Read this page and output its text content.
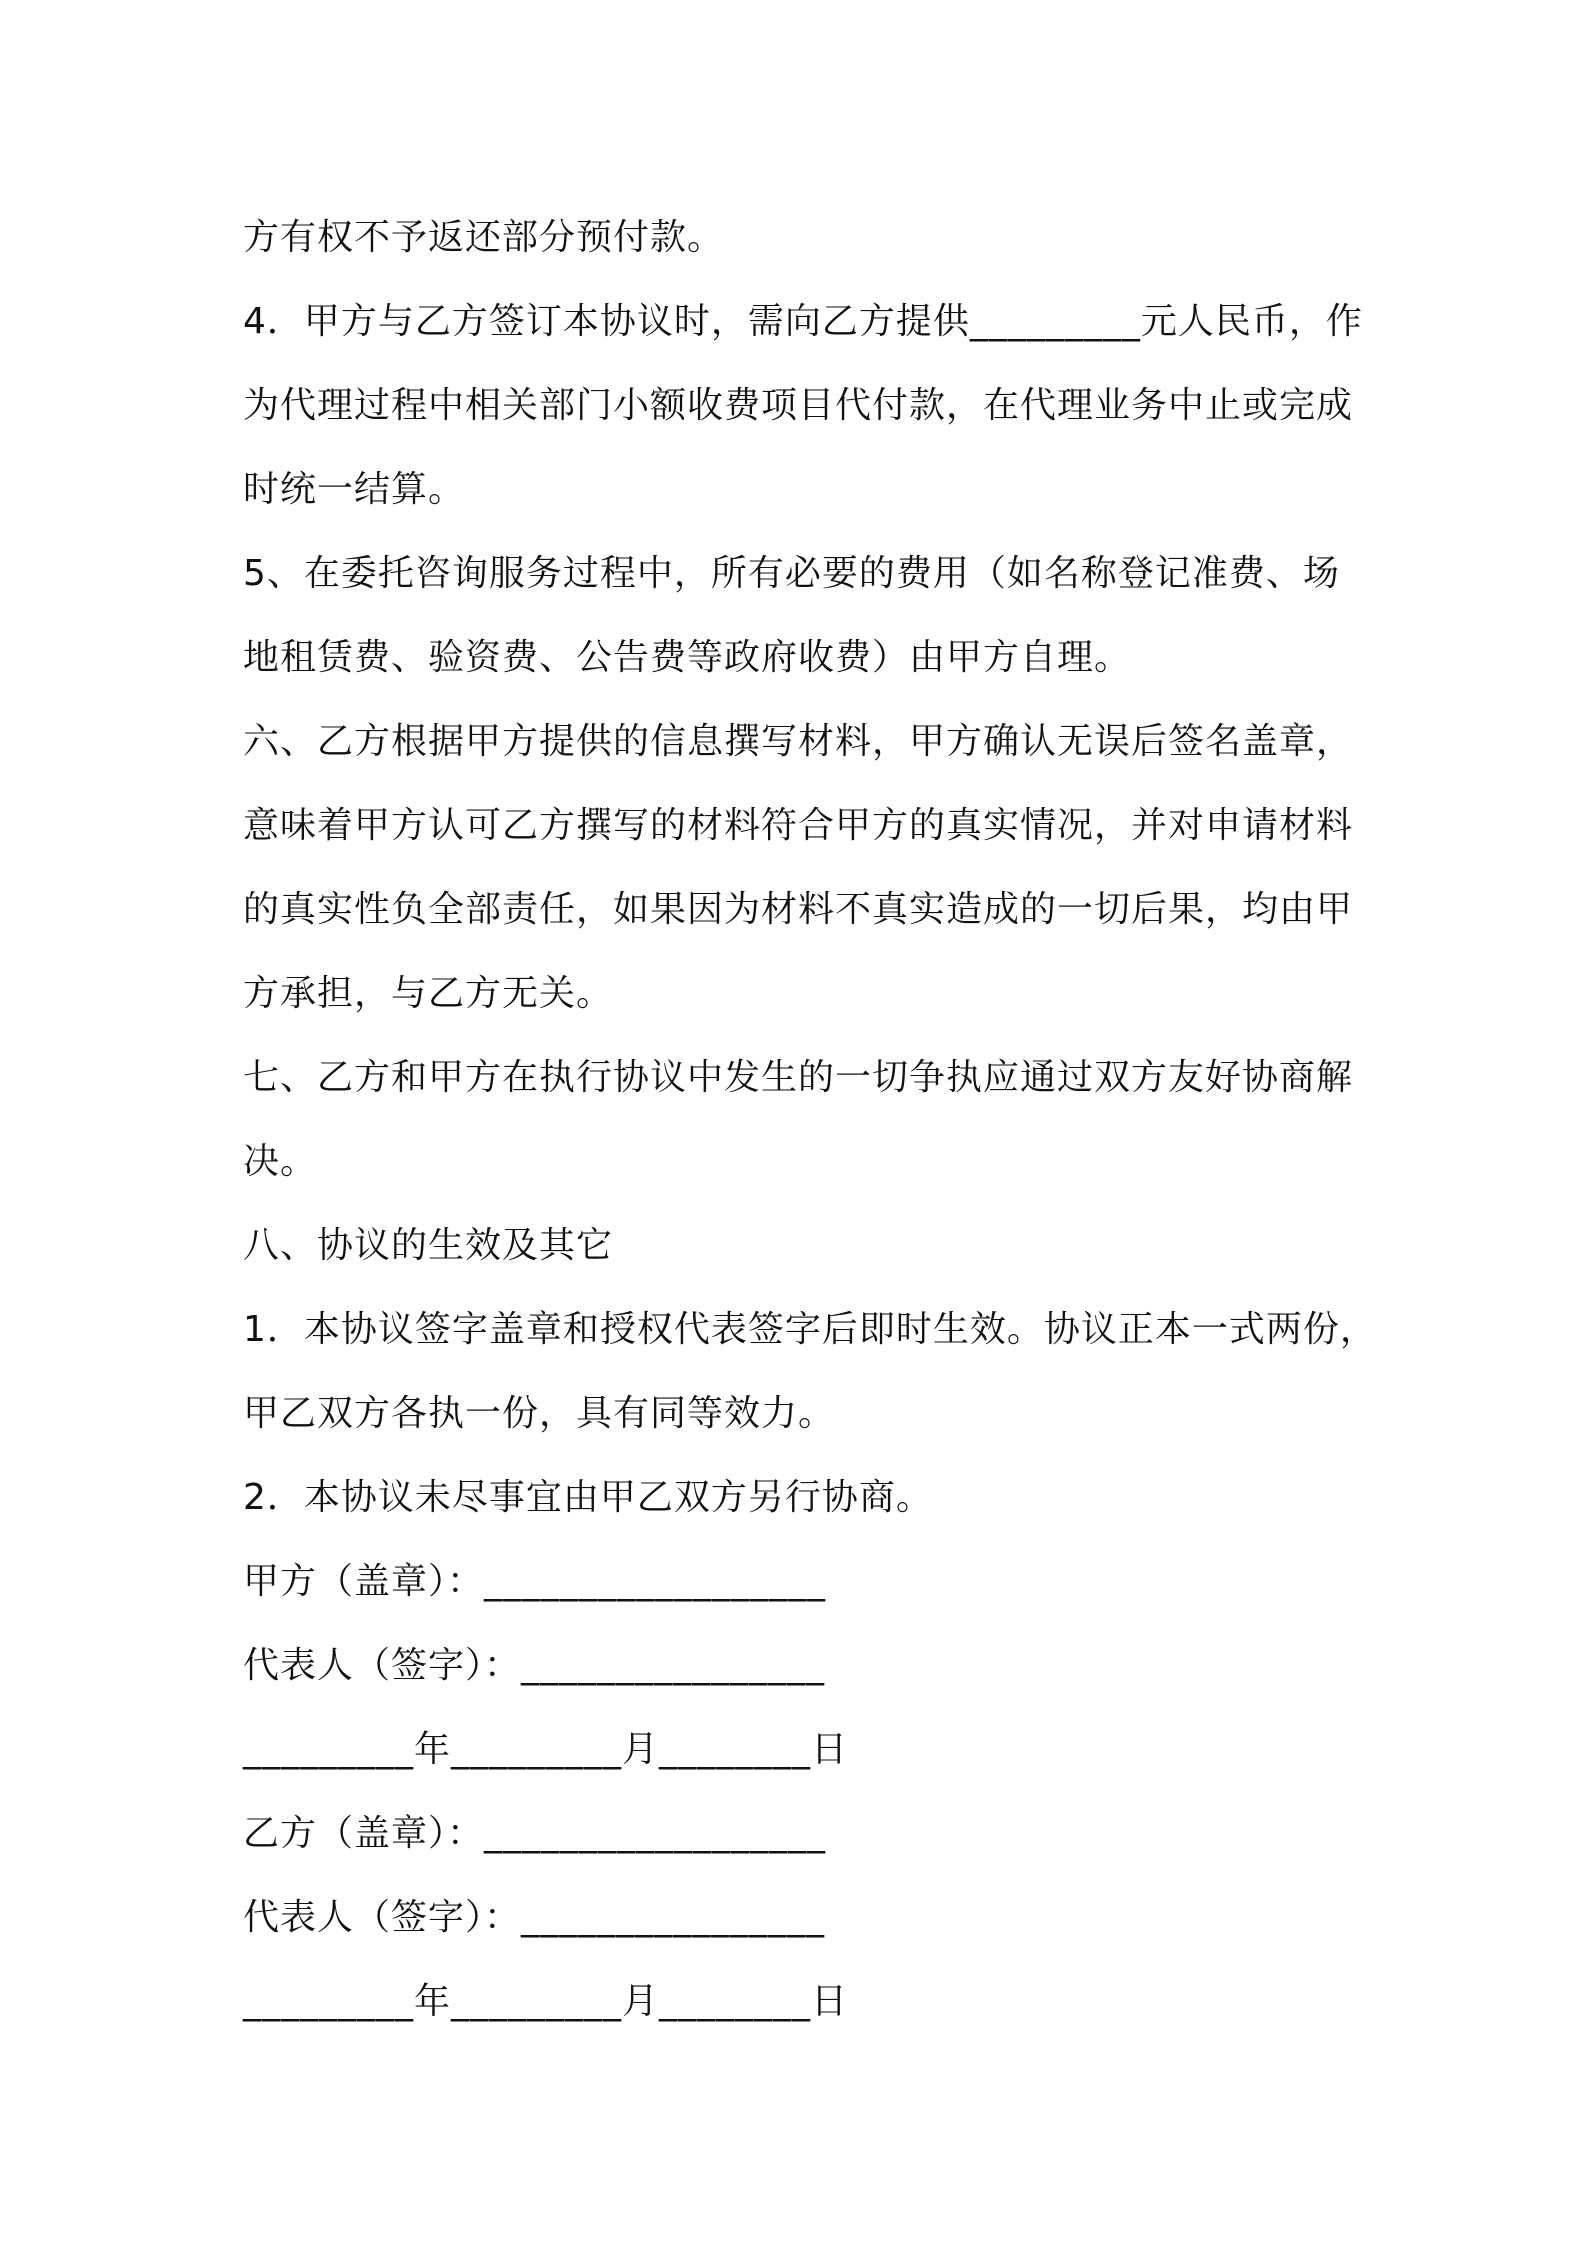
方有权不予返还部分预付款。
4．甲方与乙方签订本协议时，需向乙方提供_________元人民币，作
为代理过程中相关部门小额收费项目代付款，在代理业务中止或完成
时统一结算。
5、在委托咨询服务过程中，所有必要的费用（如名称登记准费、场
地租赁费、验资费、公告费等政府收费）由甲方自理。
六、乙方根据甲方提供的信息撰写材料，甲方确认无误后签名盖章，
意味着甲方认可乙方撰写的材料符合甲方的真实情况，并对申请材料
的真实性负全部责任，如果因为材料不真实造成的一切后果，均由甲
方承担，与乙方无关。
七、乙方和甲方在执行协议中发生的一切争执应通过双方友好协商解
决。
八、协议的生效及其它
1．本协议签字盖章和授权代表签字后即时生效。协议正本一式两份，
甲乙双方各执一份，具有同等效力。
2．本协议未尽事宜由甲乙双方另行协商。
甲方（盖章）：__________________
代表人（签字）：________________
_________年_________月________日
乙方（盖章）：__________________
代表人（签字）：________________
_________年_________月________日
